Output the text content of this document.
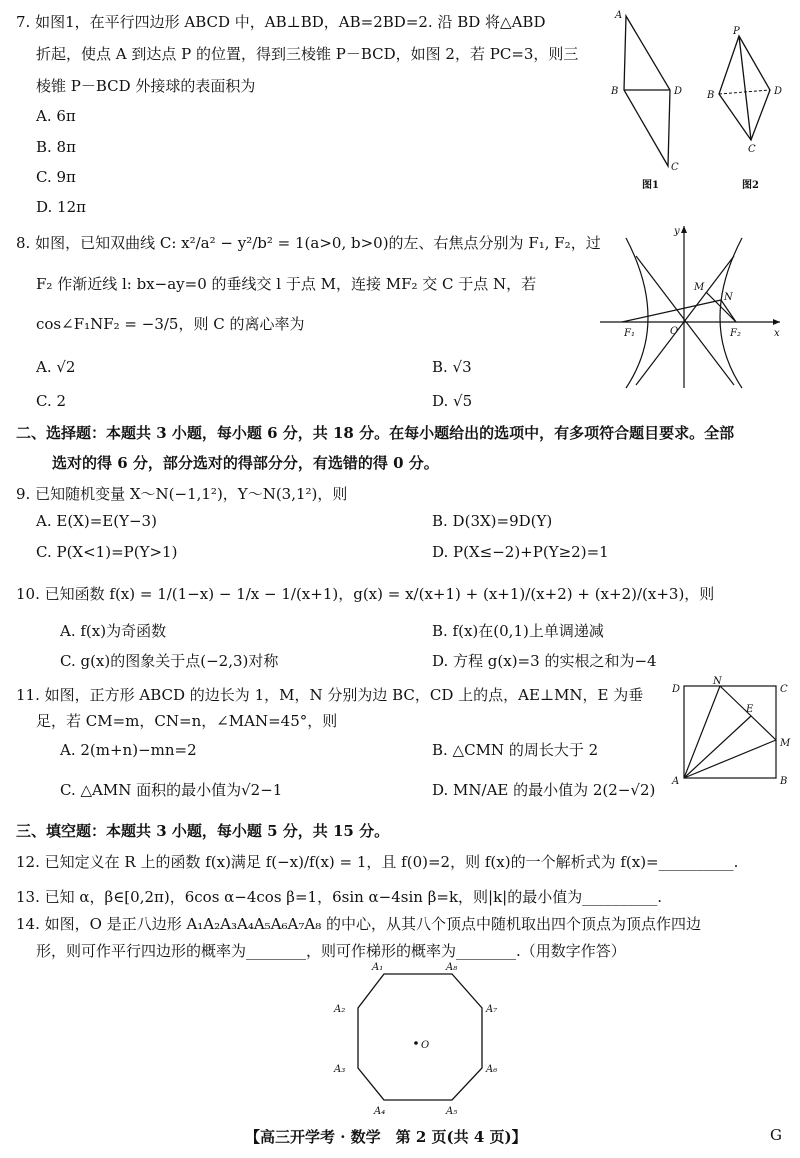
7. 如图1，在平行四边形 ABCD 中，AB⊥BD，AB=2BD=2. 沿 BD 将△ABD
折起，使点 A 到达点 P 的位置，得到三棱锥 P－BCD，如图 2，若 PC=3，则三
棱锥 P－BCD 外接球的表面积为
A. 6π
B. 8π
C. 9π
D. 12π
A
B	D
C
P
B	D
C
图1	图2
8. 如图，已知双曲线 C: x²/a² − y²/b² = 1(a>0, b>0)的左、右焦点分别为 F₁, F₂，过
F₂ 作渐近线 l: bx−ay=0 的垂线交 l 于点 M，连接 MF₂ 交 C 于点 N，若
cos∠F₁NF₂ = −3/5，则 C 的离心率为
A. √2	B. √3
C. 2	D. √5
x
y
O
M
N
F₁	F₂
二、选择题：本题共 3 小题，每小题 6 分，共 18 分。在每小题给出的选项中，有多项符合题目要求。全部
选对的得 6 分，部分选对的得部分分，有选错的得 0 分。
9. 已知随机变量 X～N(−1,1²)，Y～N(3,1²)，则
A. E(X)=E(Y−3)	B. D(3X)=9D(Y)
C. P(X<1)=P(Y>1)	D. P(X≤−2)+P(Y≥2)=1
10. 已知函数 f(x) = 1/(1−x) − 1/x − 1/(x+1)，g(x) = x/(x+1) + (x+1)/(x+2) + (x+2)/(x+3)，则
A. f(x)为奇函数	B. f(x)在(0,1)上单调递减
C. g(x)的图象关于点(−2,3)对称	D. 方程 g(x)=3 的实根之和为−4
11. 如图，正方形 ABCD 的边长为 1，M，N 分别为边 BC，CD 上的点，AE⊥MN，E 为垂
足，若 CM=m，CN=n，∠MAN=45°，则
A. 2(m+n)−mn=2	B. △CMN 的周长大于 2
C. △AMN 面积的最小值为√2−1	D. MN/AE 的最小值为 2(2−√2)
D
N
C
E
M
A	B
三、填空题：本题共 3 小题，每小题 5 分，共 15 分。
12. 已知定义在 R 上的函数 f(x)满足 f(−x)/f(x) = 1，且 f(0)=2，则 f(x)的一个解析式为 f(x)=__________.
13. 已知 α，β∈[0,2π)，6cos α−4cos β=1，6sin α−4sin β=k，则|k|的最小值为__________.
14. 如图，O 是正八边形 A₁A₂A₃A₄A₅A₆A₇A₈ 的中心，从其八个顶点中随机取出四个顶点为顶点作四边
形，则可作平行四边形的概率为________，则可作梯形的概率为________.（用数字作答）
O
A₁
A₂
A₃
A₄	A₅
A₆
A₇
A₈
【高三开学考 · 数学　第 2 页(共 4 页)】	G
